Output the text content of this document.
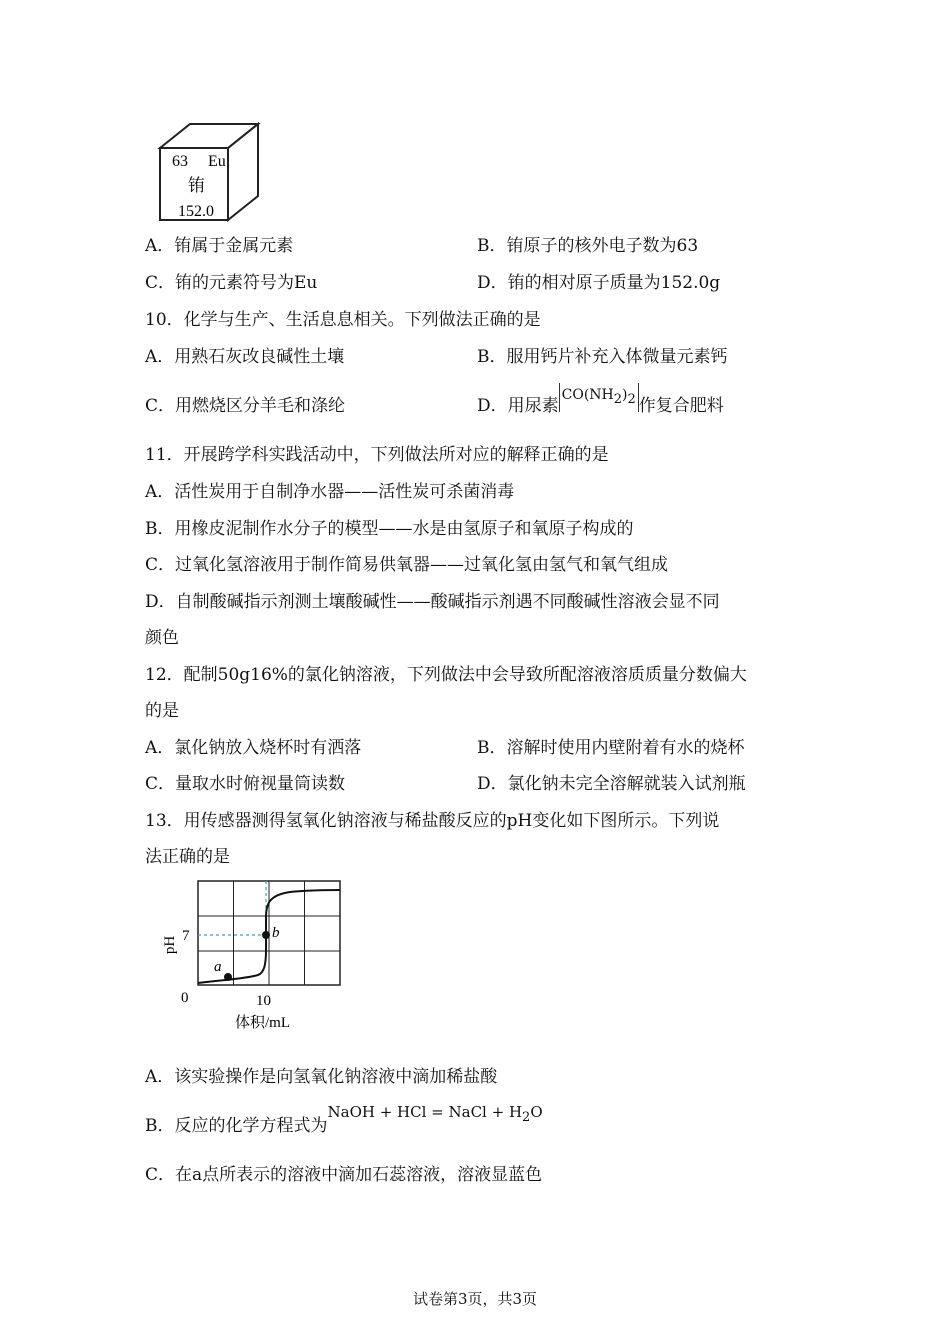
63 Eu
铕
152.0
A．铕属于金属元素	B．铕原子的核外电子数为63
C．铕的元素符号为Eu	D．铕的相对原子质量为152.0g
10．化学与生产、生活息息相关。下列做法正确的是
A．用熟石灰改良碱性土壤	B．服用钙片补充入体微量元素钙
C．用燃烧区分羊毛和涤纶	D．用尿素$CO(NH_2)_2$ 作复合肥料
11．开展跨学科实践活动中，下列做法所对应的解释正确的是
A．活性炭用于自制净水器——活性炭可杀菌消毒
B．用橡皮泥制作水分子的模型——水是由氢原子和氧原子构成的
C．过氧化氢溶液用于制作简易供氧器——过氧化氢由氢气和氧气组成
D．自制酸碱指示剂测土壤酸碱性——酸碱指示剂遇不同酸碱性溶液会显不同
颜色
12．配制50g16%的氯化钠溶液，下列做法中会导致所配溶液溶质质量分数偏大
的是
A．氯化钠放入烧杯时有洒落	B．溶解时使用内壁附着有水的烧杯
C．量取水时俯视量筒读数	D．氯化钠未完全溶解就装入试剂瓶
13．用传感器测得氢氧化钠溶液与稀盐酸反应的pH变化如下图所示。下列说
法正确的是
a
b
pH 7
0	10
体积/mL
A．该实验操作是向氢氧化钠溶液中滴加稀盐酸
B．反应的化学方程式为NaOH + HCl = NaCl + $H_2O$
C．在a点所表示的溶液中滴加石蕊溶液，溶液显蓝色
试卷第3页，共3页
